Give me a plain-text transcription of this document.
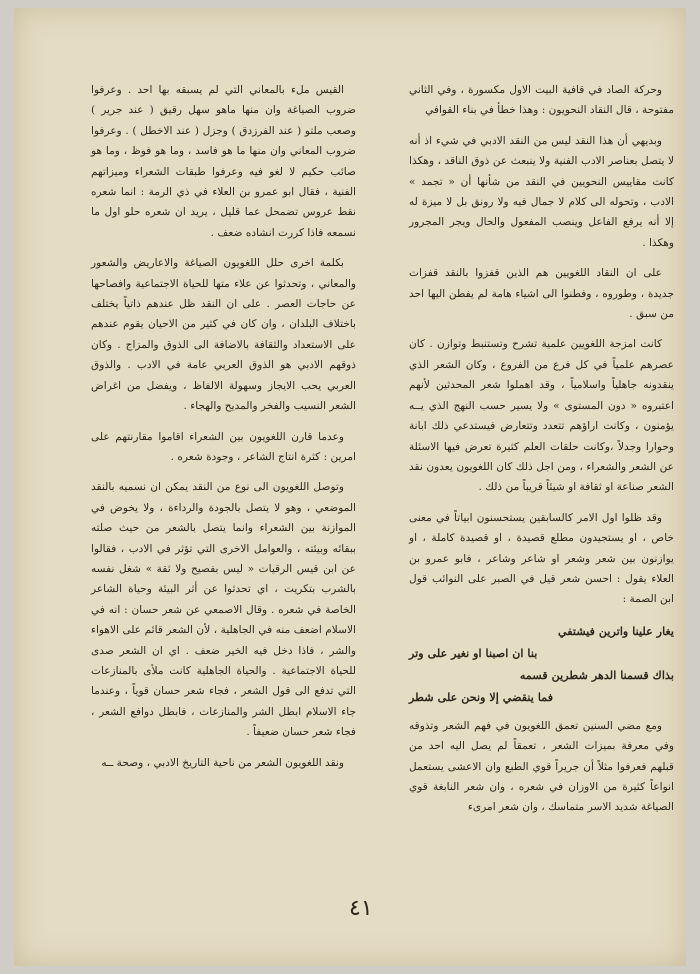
وحركة الصاد في قافية البيت الاول مكسورة ، وفي الثاني مفتوحة ، قال النقاد النحويون : وهذا خطأ في بناء القوافي

وبديهي أن هذا النقد ليس من النقد الادبي في شيء اذ أنه لا يتصل بعناصر الادب الفنية ولا ينبعث عن ذوق الناقد ، وهكذا كانت مقاييس النحويين في النقد من شأنها أن « تجمد » الادب ، وتحوله الى كلام لا جمال فيه ولا رونق بل لا ميزة له إلا أنه يرفع الفاعل وينصب المفعول والحال ويجر المجرور وهكذا .

على ان النقاد اللغويين هم الذين قفزوا بالنقد قفزات جديدة ، وطوروه ، وفطنوا الى اشياء هامة لم يفطن اليها احد من سبق .

كانت امزجة اللغويين علمية تشرح وتستنبط وتوازن . كان عصرهم علمياً في كل فرع من الفروع ، وكان الشعر الذي ينقدونه جاهلياً واسلامياً ، وقد اهملوا شعر المحدثين لأنهم اعتبروه « دون المستوى » ولا يسير حسب النهج الذي يــه يؤمنون ، وكانت اراؤهم تتعدد وتتعارض فيستدعي ذلك ابانة وحوارا وجدلاً ،وكانت حلقات العلم كثيرة تعرض فيها الاسئلة عن الشعر والشعراء ، ومن اجل ذلك كان اللغويون يعدون نقد الشعر صناعة او ثقافة او شيئاً قريباً من ذلك .

وقد ظلوا اول الامر كالسابقين يستحسنون ابياتاً في معنى خاص ، او يستجيدون مطلع قصيدة ، او قصيدة كاملة ، او يوازنون بين شعر وشعر او شاعر وشاعر ، فابو عمرو بن العلاء يقول : احسن شعر قيل في الصبر على النوائب قول ابن الصمة :

يغار علينا واترين فيشتفي
بنا ان اصبنا او نغير على وتر
بذاك قسمنا الدهر شطرين قسمه
فما ينقضي إلا ونحن على شطر

ومع مضي السنين تعمق اللغويون في فهم الشعر وتذوقه وفي معرفة بميزات الشعر ، تعمقاً لم يصل اليه احد من قبلهم فعرفوا مثلاً أن جريراً قوي الطبع وان الاعشى يستعمل انواعاً كثيرة من الاوزان في شعره ، وان شعر النابغة قوي الصياغة شديد الاسر متماسك ، وان شعر امرىء

القيس ملء بالمعاني التي لم يسبقه بها احد . وعرفوا ضروب الصياغة وان منها ماهو سهل رقيق ( عند جرير ) وصعب ملتو ( عند الفرزدق ) وجزل ( عند الاخطل ) . وعرفوا ضروب المعاني وان منها ما هو فاسد ، وما هو فوظ ، وما هو صائب حكيم لا لغو فيه وعرفوا طبقات الشعراء وميزاتهم الفنية ، فقال ابو عمرو بن العلاء في ذي الرمة : انما شعره نقط عروس تضمحل عما قليل ، يريد ان شعره حلو اول ما نسمعه فاذا كررت انشاده ضعف .

بكلمة اخرى حلل اللغويون الصياغة والاعاريض والشعور والمعاني ، وتحدثوا عن علاء متها للحياة الاجتماعية وافصاحها عن حاجات العصر . على ان النقد ظل عندهم ذاتياً يختلف باختلاف البلدان ، وان كان في كثير من الاحيان يقوم عندهم على الاستعداد والثقافة بالاضافة الى الذوق والمزاج . وكان ذوقهم الادبي هو الذوق العربي عامة في الادب . والذوق العربي يحب الايجاز وسهولة الالفاظ ، ويفضل من اغراض الشعر النسيب والفخر والمديح والهجاء .

وعدما قارن اللغويون بين الشعراء اقاموا مقارنتهم على امرين : كثرة انتاج الشاعر ، وجودة شعره .

وتوصل اللغويون الى نوع من النقد يمكن ان نسميه بالنقد الموضعي ، وهو لا يتصل بالجودة والرداءة ، ولا يخوض في الموازنة بين الشعراء وانما يتصل بالشعر من حيث صلته ببقائه وبيئته ، والعوامل الاخرى التي تؤثر في الادب ، فقالوا عن ابن قيس الرقيات « ليس بفصيح ولا ثقة » شغل نفسه بالشرب بتكريت ، اي تحدثوا عن أثر البيئة وحياة الشاعر الخاصة في شعره . وقال الاصمعي عن شعر حسان : انه في الاسلام اضعف منه في الجاهلية ، لأن الشعر قائم على الاهواء والشر ، فاذا دخل فيه الخير ضعف . اي ان الشعر صدى للحياة الاجتماعية . والحياة الجاهلية كانت ملأى بالمنازعات التي تدفع الى قول الشعر ، فجاء شعر حسان قوياً ، وعندما جاء الاسلام ابطل الشر والمنازعات ، فابطل دوافع الشعر ، فجاء شعر حسان ضعيفاً .

ونقد اللغويون الشعر من ناحية التاريخ الادبي ، وصحة ــه

٤١
